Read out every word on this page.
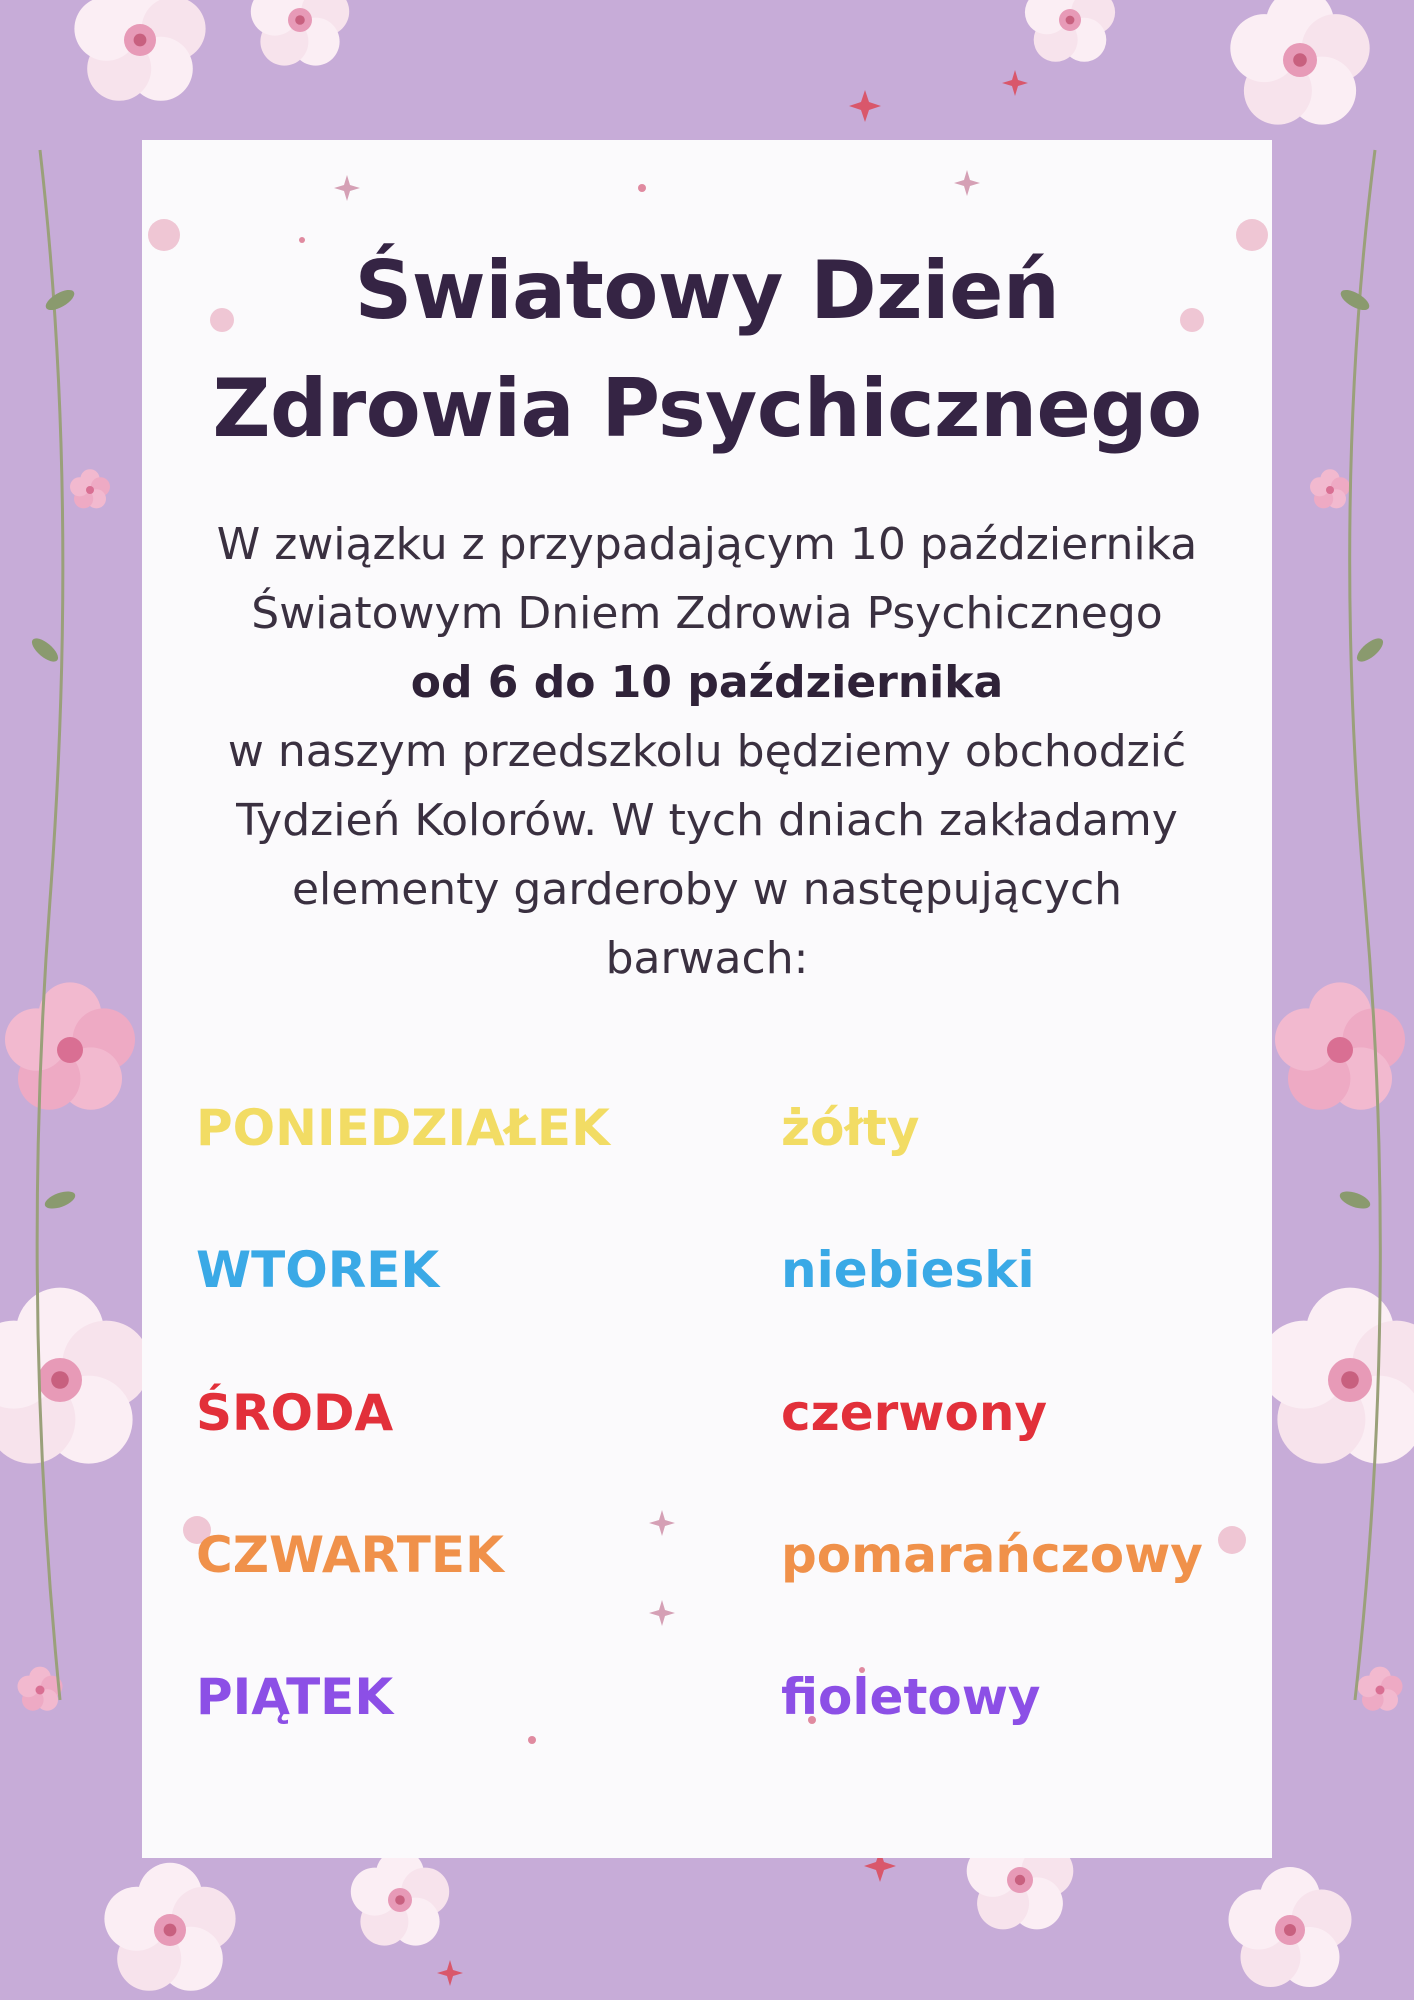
Światowy Dzień
Zdrowia Psychicznego
W związku z przypadającym 10 października
Światowym Dniem Zdrowia Psychicznego
od 6 do 10 października
w naszym przedszkolu będziemy obchodzić
Tydzień Kolorów. W tych dniach zakładamy
elementy garderoby w następujących
barwach:
PONIEDZIAŁEK	żółty
WTOREK	niebieski
ŚRODA	czerwony
CZWARTEK	pomarańczowy
PIĄTEK	fioletowy
